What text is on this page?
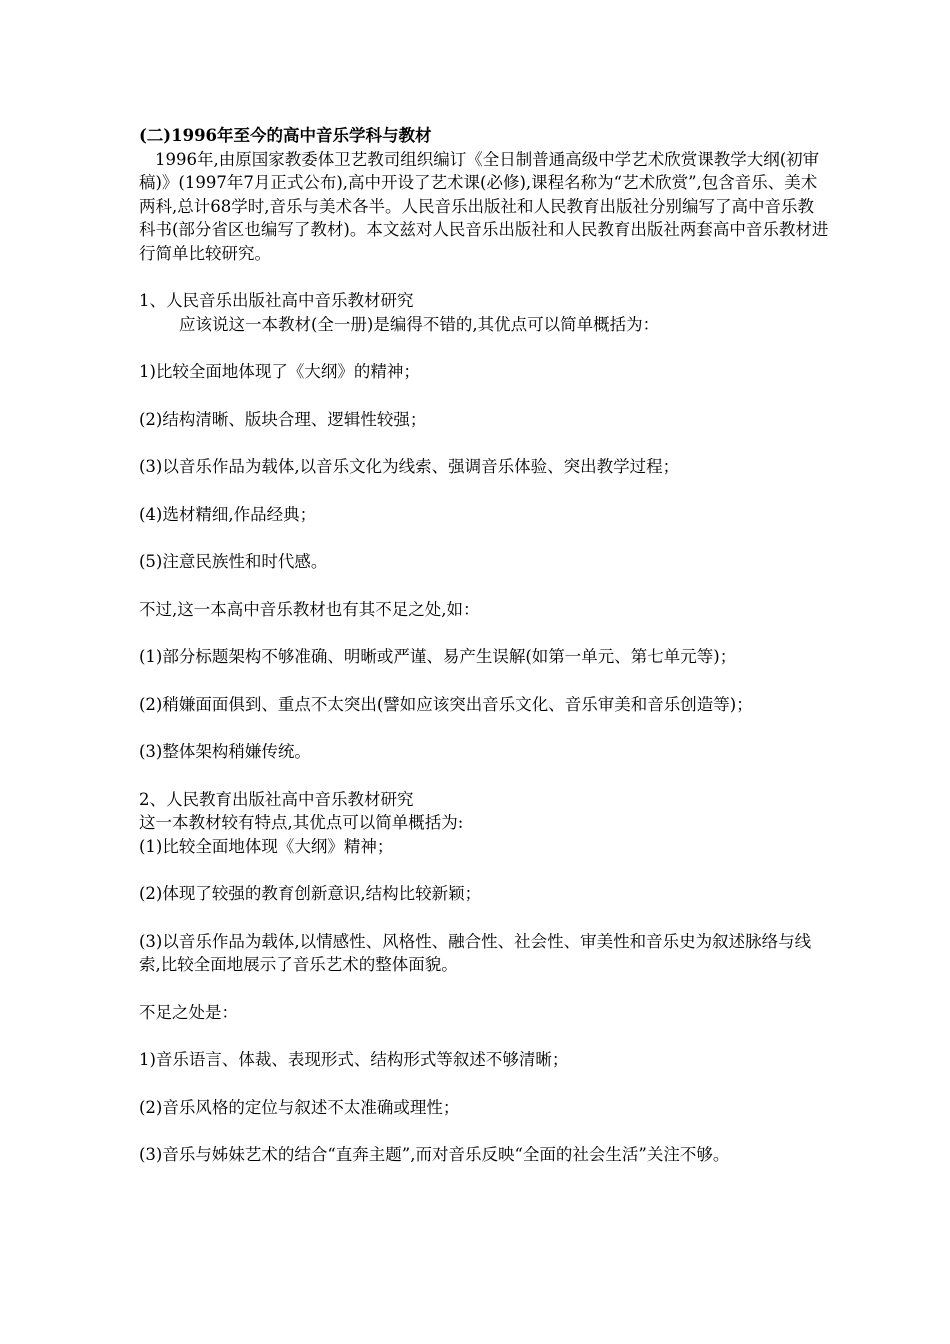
(二)1996年至今的高中音乐学科与教材

1996年,由原国家教委体卫艺教司组织编订《全日制普通高级中学艺术欣赏课教学大纲(初审稿)》(1997年7月正式公布),高中开设了艺术课(必修),课程名称为“艺术欣赏”,包含音乐、美术两科,总计68学时,音乐与美术各半。人民音乐出版社和人民教育出版社分别编写了高中音乐教科书(部分省区也编写了教材)。本文兹对人民音乐出版社和人民教育出版社两套高中音乐教材进行简单比较研究。

1、人民音乐出版社高中音乐教材研究

应该说这一本教材(全一册)是编得不错的,其优点可以简单概括为：

1)比较全面地体现了《大纲》的精神；

(2)结构清晰、版块合理、逻辑性较强；

(3)以音乐作品为载体,以音乐文化为线索、强调音乐体验、突出教学过程；

(4)选材精细,作品经典；

(5)注意民族性和时代感。

不过,这一本高中音乐教材也有其不足之处,如：

(1)部分标题架构不够准确、明晰或严谨、易产生误解(如第一单元、第七单元等)；

(2)稍嫌面面俱到、重点不太突出(譬如应该突出音乐文化、音乐审美和音乐创造等)；

(3)整体架构稍嫌传统。

2、人民教育出版社高中音乐教材研究

这一本教材较有特点,其优点可以简单概括为:

(1)比较全面地体现《大纲》精神；

(2)体现了较强的教育创新意识,结构比较新颖；

(3)以音乐作品为载体,以情感性、风格性、融合性、社会性、审美性和音乐史为叙述脉络与线索,比较全面地展示了音乐艺术的整体面貌。

不足之处是：

1)音乐语言、体裁、表现形式、结构形式等叙述不够清晰；

(2)音乐风格的定位与叙述不太准确或理性；

(3)音乐与姊妹艺术的结合“直奔主题”,而对音乐反映“全面的社会生活”关注不够。
